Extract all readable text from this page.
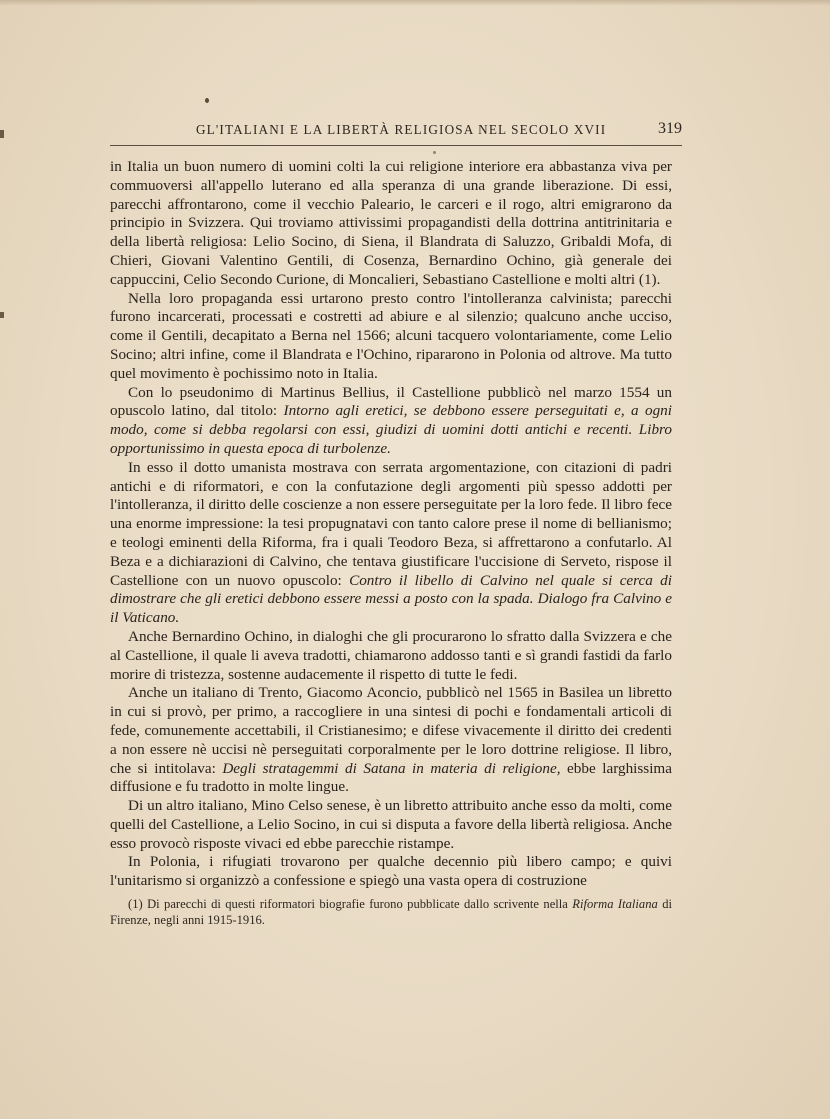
GL'ITALIANI E LA LIBERTÀ RELIGIOSA NEL SECOLO XVII	319

in Italia un buon numero di uomini colti la cui religione interiore era abbastanza viva per commuoversi all'appello luterano ed alla speranza di una grande liberazione. Di essi, parecchi affrontarono, come il vecchio Paleario, le carceri e il rogo, altri emigrarono da principio in Svizzera. Qui troviamo attivissimi propagandisti della dottrina antitrinitaria e della libertà religiosa: Lelio Socino, di Siena, il Blandrata di Saluzzo, Gribaldi Mofa, di Chieri, Giovani Valentino Gentili, di Cosenza, Bernardino Ochino, già generale dei cappuccini, Celio Secondo Curione, di Moncalieri, Sebastiano Castellione e molti altri (1).

Nella loro propaganda essi urtarono presto contro l'intolleranza calvinista; parecchi furono incarcerati, processati e costretti ad abiure e al silenzio; qualcuno anche ucciso, come il Gentili, decapitato a Berna nel 1566; alcuni tacquero volontariamente, come Lelio Socino; altri infine, come il Blandrata e l'Ochino, ripararono in Polonia od altrove. Ma tutto quel movimento è pochissimo noto in Italia.

Con lo pseudonimo di Martinus Bellius, il Castellione pubblicò nel marzo 1554 un opuscolo latino, dal titolo: Intorno agli eretici, se debbono essere perseguitati e, a ogni modo, come si debba regolarsi con essi, giudizi di uomini dotti antichi e recenti. Libro opportunissimo in questa epoca di turbolenze.

In esso il dotto umanista mostrava con serrata argomentazione, con citazioni di padri antichi e di riformatori, e con la confutazione degli argomenti più spesso addotti per l'intolleranza, il diritto delle coscienze a non essere perseguitate per la loro fede. Il libro fece una enorme impressione: la tesi propugnatavi con tanto calore prese il nome di bellianismo; e teologi eminenti della Riforma, fra i quali Teodoro Beza, si affrettarono a confutarlo. Al Beza e a dichiarazioni di Calvino, che tentava giustificare l'uccisione di Serveto, rispose il Castellione con un nuovo opuscolo: Contro il libello di Calvino nel quale si cerca di dimostrare che gli eretici debbono essere messi a posto con la spada. Dialogo fra Calvino e il Vaticano.

Anche Bernardino Ochino, in dialoghi che gli procurarono lo sfratto dalla Svizzera e che al Castellione, il quale li aveva tradotti, chiamarono addosso tanti e sì grandi fastidi da farlo morire di tristezza, sostenne audacemente il rispetto di tutte le fedi.

Anche un italiano di Trento, Giacomo Aconcio, pubblicò nel 1565 in Basilea un libretto in cui si provò, per primo, a raccogliere in una sintesi di pochi e fondamentali articoli di fede, comunemente accettabili, il Cristianesimo; e difese vivacemente il diritto dei credenti a non essere nè uccisi nè perseguitati corporalmente per le loro dottrine religiose. Il libro, che si intitolava: Degli stratagemmi di Satana in materia di religione, ebbe larghissima diffusione e fu tradotto in molte lingue.

Di un altro italiano, Mino Celso senese, è un libretto attribuito anche esso da molti, come quelli del Castellione, a Lelio Socino, in cui si disputa a favore della libertà religiosa. Anche esso provocò risposte vivaci ed ebbe parecchie ristampe.

In Polonia, i rifugiati trovarono per qualche decennio più libero campo; e quivi l'unitarismo si organizzò a confessione e spiegò una vasta opera di costruzione

(1) Di parecchi di questi riformatori biografie furono pubblicate dallo scrivente nella Riforma Italiana di Firenze, negli anni 1915-1916.
